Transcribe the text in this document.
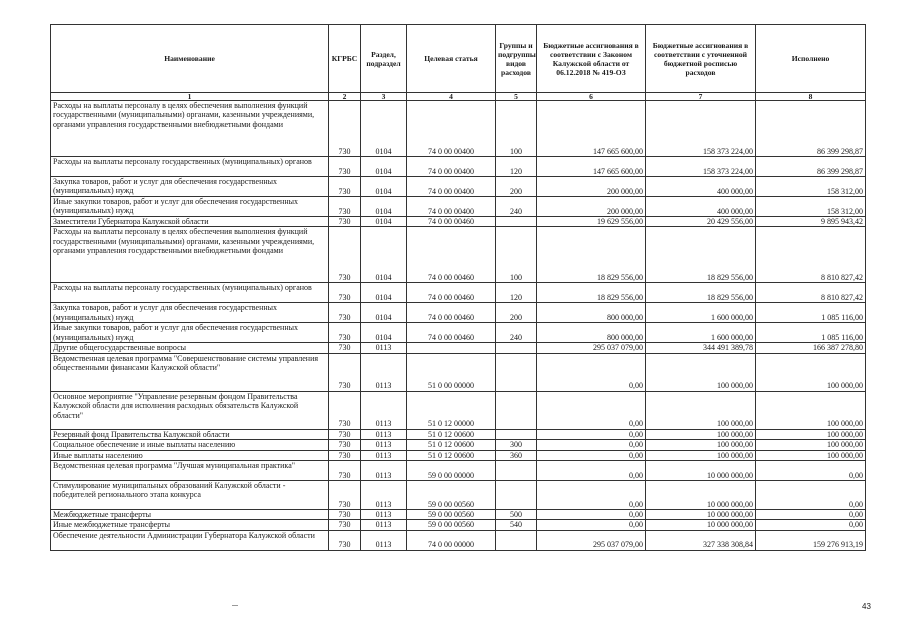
Наименование	КГРБС	Раздел, подраздел	Целевая статья	Группы и подгруппы видов расходов	Бюджетные ассигнования в соответствии с Законом Калужской области от 06.12.2018 № 419-ОЗ	Бюджетные ассигнования в соответствии с уточненной бюджетной росписью расходов	Исполнено
1	2	3	4	5	6	7	8
Расходы на выплаты персоналу в целях обеспечения выполнения функций государственными (муниципальными) органами, казенными учреждениями, органами управления государственными внебюджетными фондами	730	0104	74 0 00 00400	100	147 665 600,00	158 373 224,00	86 399 298,87
Расходы на выплаты персоналу государственных (муниципальных) органов	730	0104	74 0 00 00400	120	147 665 600,00	158 373 224,00	86 399 298,87
Закупка товаров, работ и услуг для обеспечения государственных (муниципальных) нужд	730	0104	74 0 00 00400	200	200 000,00	400 000,00	158 312,00
Иные закупки товаров, работ и услуг для обеспечения государственных (муниципальных) нужд	730	0104	74 0 00 00400	240	200 000,00	400 000,00	158 312,00
Заместители Губернатора Калужской области	730	0104	74 0 00 00460		19 629 556,00	20 429 556,00	9 895 943,42
Расходы на выплаты персоналу в целях обеспечения выполнения функций государственными (муниципальными) органами, казенными учреждениями, органами управления государственными внебюджетными фондами	730	0104	74 0 00 00460	100	18 829 556,00	18 829 556,00	8 810 827,42
Расходы на выплаты персоналу государственных (муниципальных) органов	730	0104	74 0 00 00460	120	18 829 556,00	18 829 556,00	8 810 827,42
Закупка товаров, работ и услуг для обеспечения государственных (муниципальных) нужд	730	0104	74 0 00 00460	200	800 000,00	1 600 000,00	1 085 116,00
Иные закупки товаров, работ и услуг для обеспечения государственных (муниципальных) нужд	730	0104	74 0 00 00460	240	800 000,00	1 600 000,00	1 085 116,00
Другие общегосударственные вопросы	730	0113			295 037 079,00	344 491 389,78	166 387 278,80
Ведомственная целевая программа "Совершенствование системы управления общественными финансами Калужской области"	730	0113	51 0 00 00000		0,00	100 000,00	100 000,00
Основное мероприятие "Управление резервным фондом Правительства Калужской области для исполнения расходных обязательств Калужской области"	730	0113	51 0 12 00000		0,00	100 000,00	100 000,00
Резервный фонд Правительства Калужской области	730	0113	51 0 12 00600		0,00	100 000,00	100 000,00
Социальное обеспечение и иные выплаты населению	730	0113	51 0 12 00600	300	0,00	100 000,00	100 000,00
Иные выплаты населению	730	0113	51 0 12 00600	360	0,00	100 000,00	100 000,00
Ведомственная целевая программа "Лучшая муниципальная практика"	730	0113	59 0 00 00000		0,00	10 000 000,00	0,00
Стимулирование муниципальных образований Калужской области - победителей регионального этапа конкурса	730	0113	59 0 00 00560		0,00	10 000 000,00	0,00
Межбюджетные трансферты	730	0113	59 0 00 00560	500	0,00	10 000 000,00	0,00
Иные межбюджетные трансферты	730	0113	59 0 00 00560	540	0,00	10 000 000,00	0,00
Обеспечение деятельности Администрации Губернатора Калужской области	730	0113	74 0 00 00000		295 037 079,00	327 338 308,84	159 276 913,19
43
